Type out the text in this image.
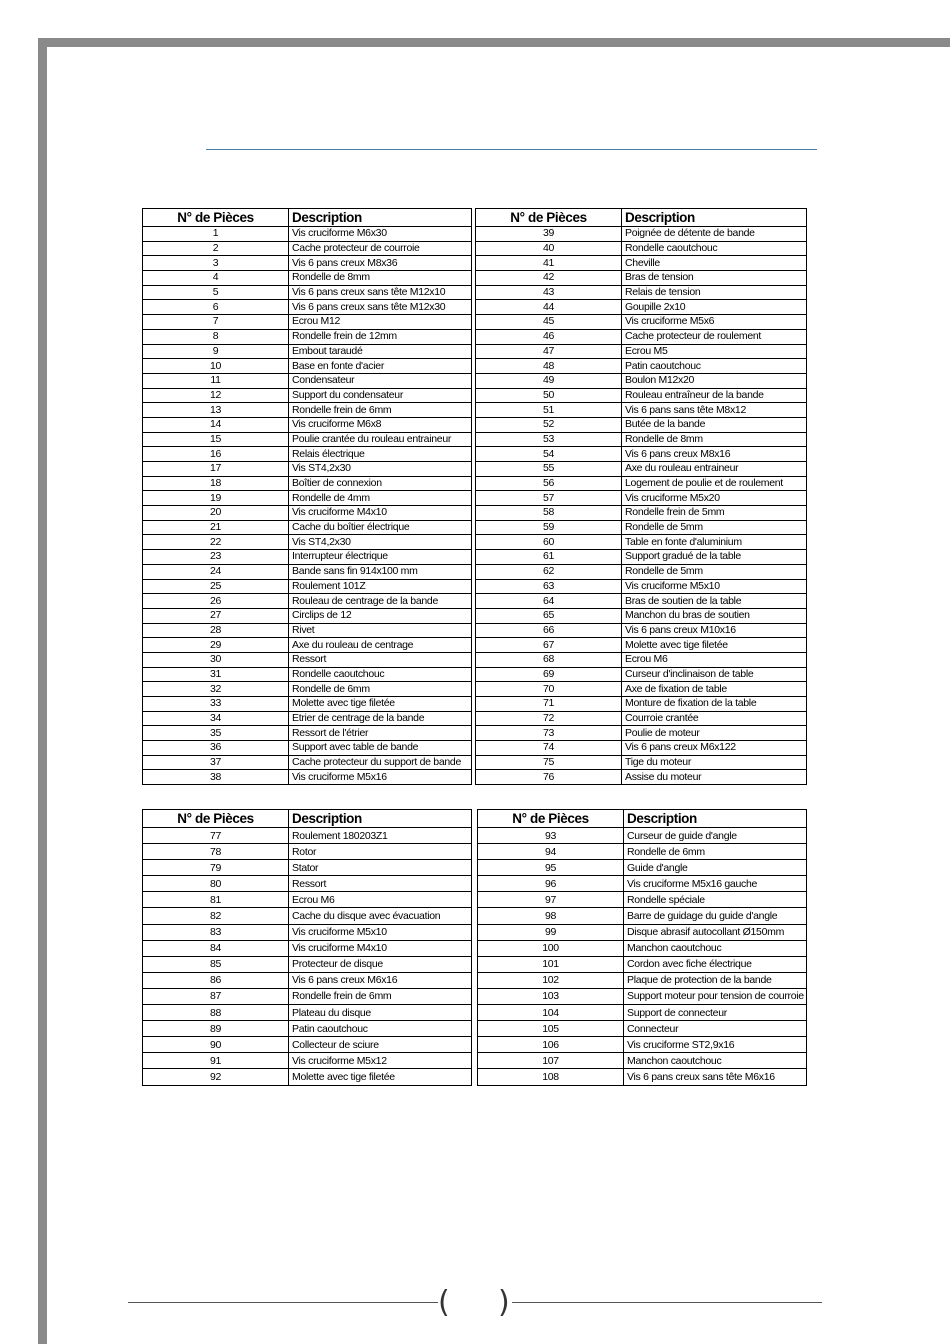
N° de Pièces	Description
1	Vis cruciforme M6x30
2	Cache protecteur de courroie
3	Vis 6 pans creux M8x36
4	Rondelle de 8mm
5	Vis 6 pans creux sans tête M12x10
6	Vis 6 pans creux sans tête M12x30
7	Ecrou M12
8	Rondelle frein de 12mm
9	Embout taraudé
10	Base en fonte d'acier
11	Condensateur
12	Support du condensateur
13	Rondelle frein de 6mm
14	Vis cruciforme M6x8
15	Poulie crantée du rouleau entraineur
16	Relais électrique
17	Vis ST4,2x30
18	Boîtier de connexion
19	Rondelle de 4mm
20	Vis cruciforme M4x10
21	Cache du boîtier électrique
22	Vis ST4,2x30
23	Interrupteur électrique
24	Bande sans fin 914x100 mm
25	Roulement 101Z
26	Rouleau de centrage de la bande
27	Circlips de 12
28	Rivet
29	Axe du rouleau de centrage
30	Ressort
31	Rondelle caoutchouc
32	Rondelle de 6mm
33	Molette avec tige filetée
34	Etrier de centrage de la bande
35	Ressort de l'étrier
36	Support avec table de bande
37	Cache protecteur du support de bande
38	Vis cruciforme M5x16
N° de Pièces	Description
39	Poignée de détente de bande
40	Rondelle caoutchouc
41	Cheville
42	Bras de tension
43	Relais de tension
44	Goupille 2x10
45	Vis cruciforme M5x6
46	Cache protecteur de roulement
47	Ecrou M5
48	Patin caoutchouc
49	Boulon M12x20
50	Rouleau entraîneur de la bande
51	Vis 6 pans sans tête M8x12
52	Butée de la bande
53	Rondelle de 8mm
54	Vis 6 pans creux M8x16
55	Axe du rouleau entraineur
56	Logement de poulie et de roulement
57	Vis cruciforme M5x20
58	Rondelle frein de 5mm
59	Rondelle de 5mm
60	Table en fonte d'aluminium
61	Support gradué de la table
62	Rondelle de 5mm
63	Vis cruciforme M5x10
64	Bras de soutien de la table
65	Manchon du bras de soutien
66	Vis 6 pans creux M10x16
67	Molette avec tige filetée
68	Ecrou M6
69	Curseur d'inclinaison de table
70	Axe de fixation de table
71	Monture de fixation de la table
72	Courroie crantée
73	Poulie de moteur
74	Vis 6 pans creux M6x122
75	Tige du moteur
76	Assise du moteur
N° de Pièces	Description
77	Roulement 180203Z1
78	Rotor
79	Stator
80	Ressort
81	Ecrou M6
82	Cache du disque avec évacuation
83	Vis cruciforme M5x10
84	Vis cruciforme M4x10
85	Protecteur de disque
86	Vis 6 pans creux M6x16
87	Rondelle frein de 6mm
88	Plateau du disque
89	Patin caoutchouc
90	Collecteur de sciure
91	Vis cruciforme M5x12
92	Molette avec tige filetée
N° de Pièces	Description
93	Curseur de guide d'angle
94	Rondelle de 6mm
95	Guide d'angle
96	Vis cruciforme M5x16 gauche
97	Rondelle spéciale
98	Barre de guidage du guide d'angle
99	Disque abrasif autocollant Ø150mm
100	Manchon caoutchouc
101	Cordon avec fiche électrique
102	Plaque de protection de la bande
103	Support moteur pour tension de courroie
104	Support de connecteur
105	Connecteur
106	Vis cruciforme ST2,9x16
107	Manchon caoutchouc
108	Vis 6 pans creux sans tête M6x16
( )
